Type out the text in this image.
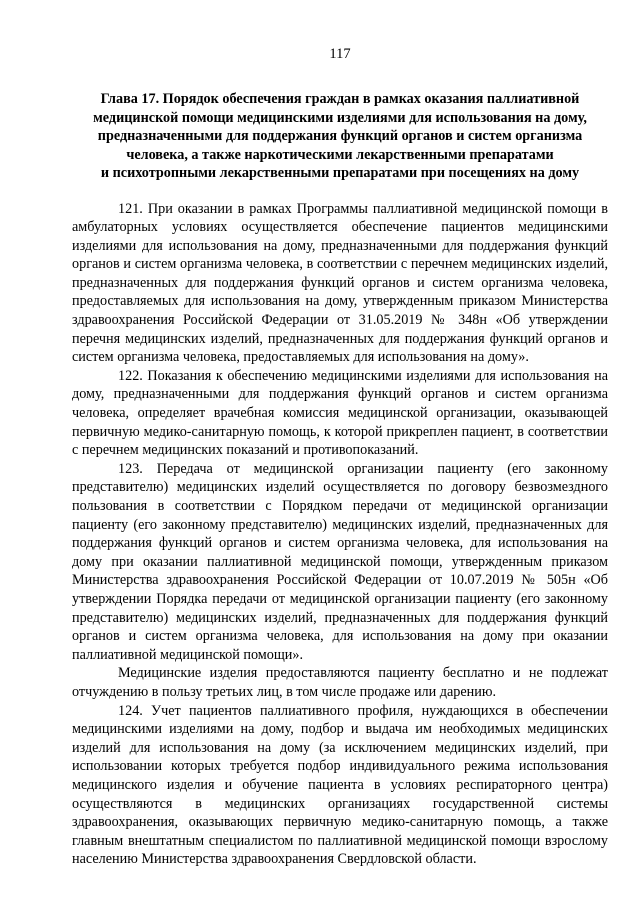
117
Глава 17. Порядок обеспечения граждан в рамках оказания паллиативной
медицинской помощи медицинскими изделиями для использования на дому,
предназначенными для поддержания функций органов и систем организма
человека, а также наркотическими лекарственными препаратами
и психотропными лекарственными препаратами при посещениях на дому

121. При оказании в рамках Программы паллиативной медицинской помощи в амбулаторных условиях осуществляется обеспечение пациентов медицинскими изделиями для использования на дому, предназначенными для поддержания функций органов и систем организма человека, в соответствии с перечнем медицинских изделий, предназначенных для поддержания функций органов и систем организма человека, предоставляемых для использования на дому, утвержденным приказом Министерства здравоохранения Российской Федерации от 31.05.2019 № 348н «Об утверждении перечня медицинских изделий, предназначенных для поддержания функций органов и систем организма человека, предоставляемых для использования на дому».

122. Показания к обеспечению медицинскими изделиями для использования на дому, предназначенными для поддержания функций органов и систем организма человека, определяет врачебная комиссия медицинской организации, оказывающей первичную медико-санитарную помощь, к которой прикреплен пациент, в соответствии с перечнем медицинских показаний и противопоказаний.

123. Передача от медицинской организации пациенту (его законному представителю) медицинских изделий осуществляется по договору безвозмездного пользования в соответствии с Порядком передачи от медицинской организации пациенту (его законному представителю) медицинских изделий, предназначенных для поддержания функций органов и систем организма человека, для использования на дому при оказании паллиативной медицинской помощи, утвержденным приказом Министерства здравоохранения Российской Федерации от 10.07.2019 № 505н «Об утверждении Порядка передачи от медицинской организации пациенту (его законному представителю) медицинских изделий, предназначенных для поддержания функций органов и систем организма человека, для использования на дому при оказании паллиативной медицинской помощи».

Медицинские изделия предоставляются пациенту бесплатно и не подлежат отчуждению в пользу третьих лиц, в том числе продаже или дарению.

124. Учет пациентов паллиативного профиля, нуждающихся в обеспечении медицинскими изделиями на дому, подбор и выдача им необходимых медицинских изделий для использования на дому (за исключением медицинских изделий, при использовании которых требуется подбор индивидуального режима использования медицинского изделия и обучение пациента в условиях респираторного центра) осуществляются в медицинских организациях государственной системы здравоохранения, оказывающих первичную медико-санитарную помощь, а также главным внештатным специалистом по паллиативной медицинской помощи взрослому населению Министерства здравоохранения Свердловской области.
